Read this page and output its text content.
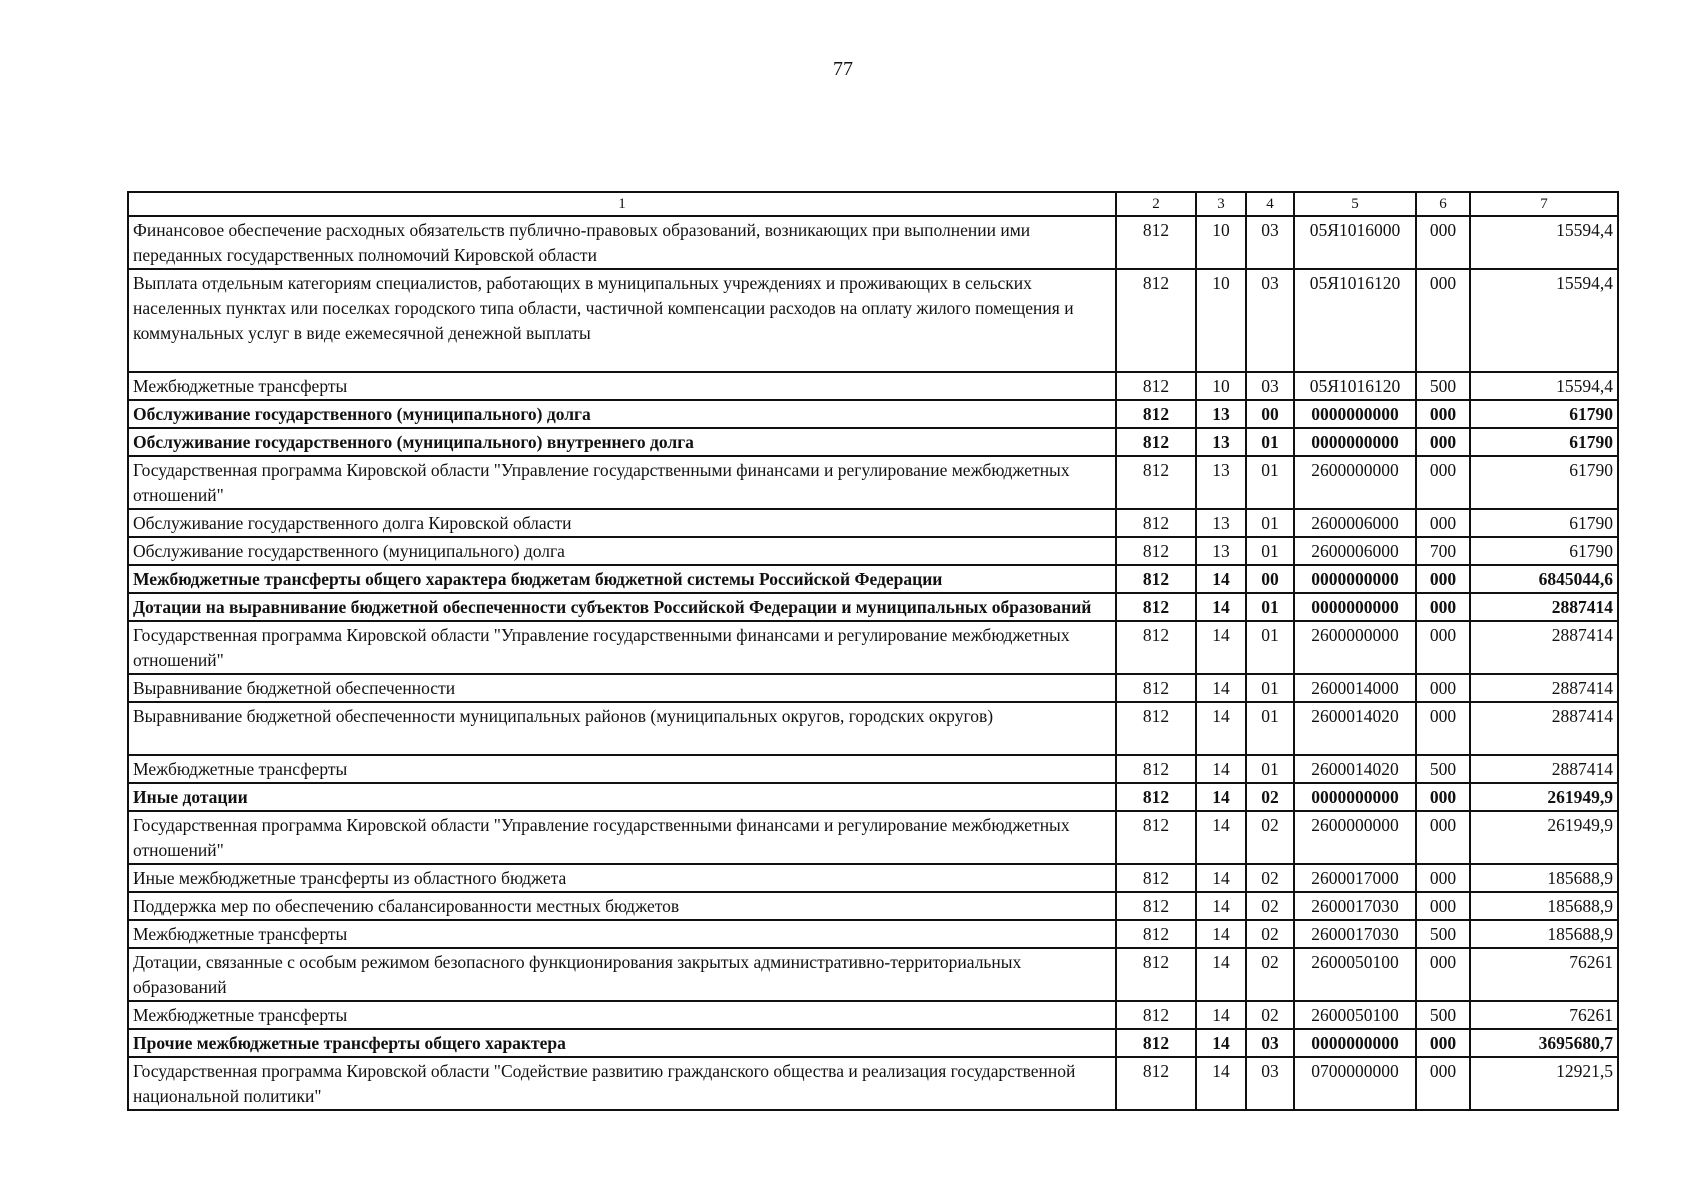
77
1	2	3	4	5	6	7
Финансовое обеспечение расходных обязательств публично-правовых образований, возникающих при выполнении ими переданных государственных полномочий Кировской области	812	10	03	05Я1016000	000	15594,4
Выплата отдельным категориям специалистов, работающих в муниципальных учреждениях и проживающих в сельских населенных пунктах или поселках городского типа области, частичной компенсации расходов на оплату жилого помещения и коммунальных услуг в виде ежемесячной денежной выплаты	812	10	03	05Я1016120	000	15594,4
Межбюджетные трансферты	812	10	03	05Я1016120	500	15594,4
Обслуживание государственного (муниципального) долга	812	13	00	0000000000	000	61790
Обслуживание государственного (муниципального) внутреннего долга	812	13	01	0000000000	000	61790
Государственная программа Кировской области "Управление государственными финансами и регулирование межбюджетных отношений"	812	13	01	2600000000	000	61790
Обслуживание государственного долга Кировской области	812	13	01	2600006000	000	61790
Обслуживание государственного (муниципального) долга	812	13	01	2600006000	700	61790
Межбюджетные трансферты общего характера бюджетам бюджетной системы Российской Федерации	812	14	00	0000000000	000	6845044,6
Дотации на выравнивание бюджетной обеспеченности субъектов Российской Федерации и муниципальных образований	812	14	01	0000000000	000	2887414
Государственная программа Кировской области "Управление государственными финансами и регулирование межбюджетных отношений"	812	14	01	2600000000	000	2887414
Выравнивание бюджетной обеспеченности	812	14	01	2600014000	000	2887414
Выравнивание бюджетной обеспеченности муниципальных районов (муниципальных округов, городских округов)	812	14	01	2600014020	000	2887414
Межбюджетные трансферты	812	14	01	2600014020	500	2887414
Иные дотации	812	14	02	0000000000	000	261949,9
Государственная программа Кировской области "Управление государственными финансами и регулирование межбюджетных отношений"	812	14	02	2600000000	000	261949,9
Иные межбюджетные трансферты из областного бюджета	812	14	02	2600017000	000	185688,9
Поддержка мер по обеспечению сбалансированности местных бюджетов	812	14	02	2600017030	000	185688,9
Межбюджетные трансферты	812	14	02	2600017030	500	185688,9
Дотации, связанные с особым режимом безопасного функционирования закрытых административно-территориальных образований	812	14	02	2600050100	000	76261
Межбюджетные трансферты	812	14	02	2600050100	500	76261
Прочие межбюджетные трансферты общего характера	812	14	03	0000000000	000	3695680,7
Государственная программа Кировской области "Содействие развитию гражданского общества и реализация государственной национальной политики"	812	14	03	0700000000	000	12921,5
